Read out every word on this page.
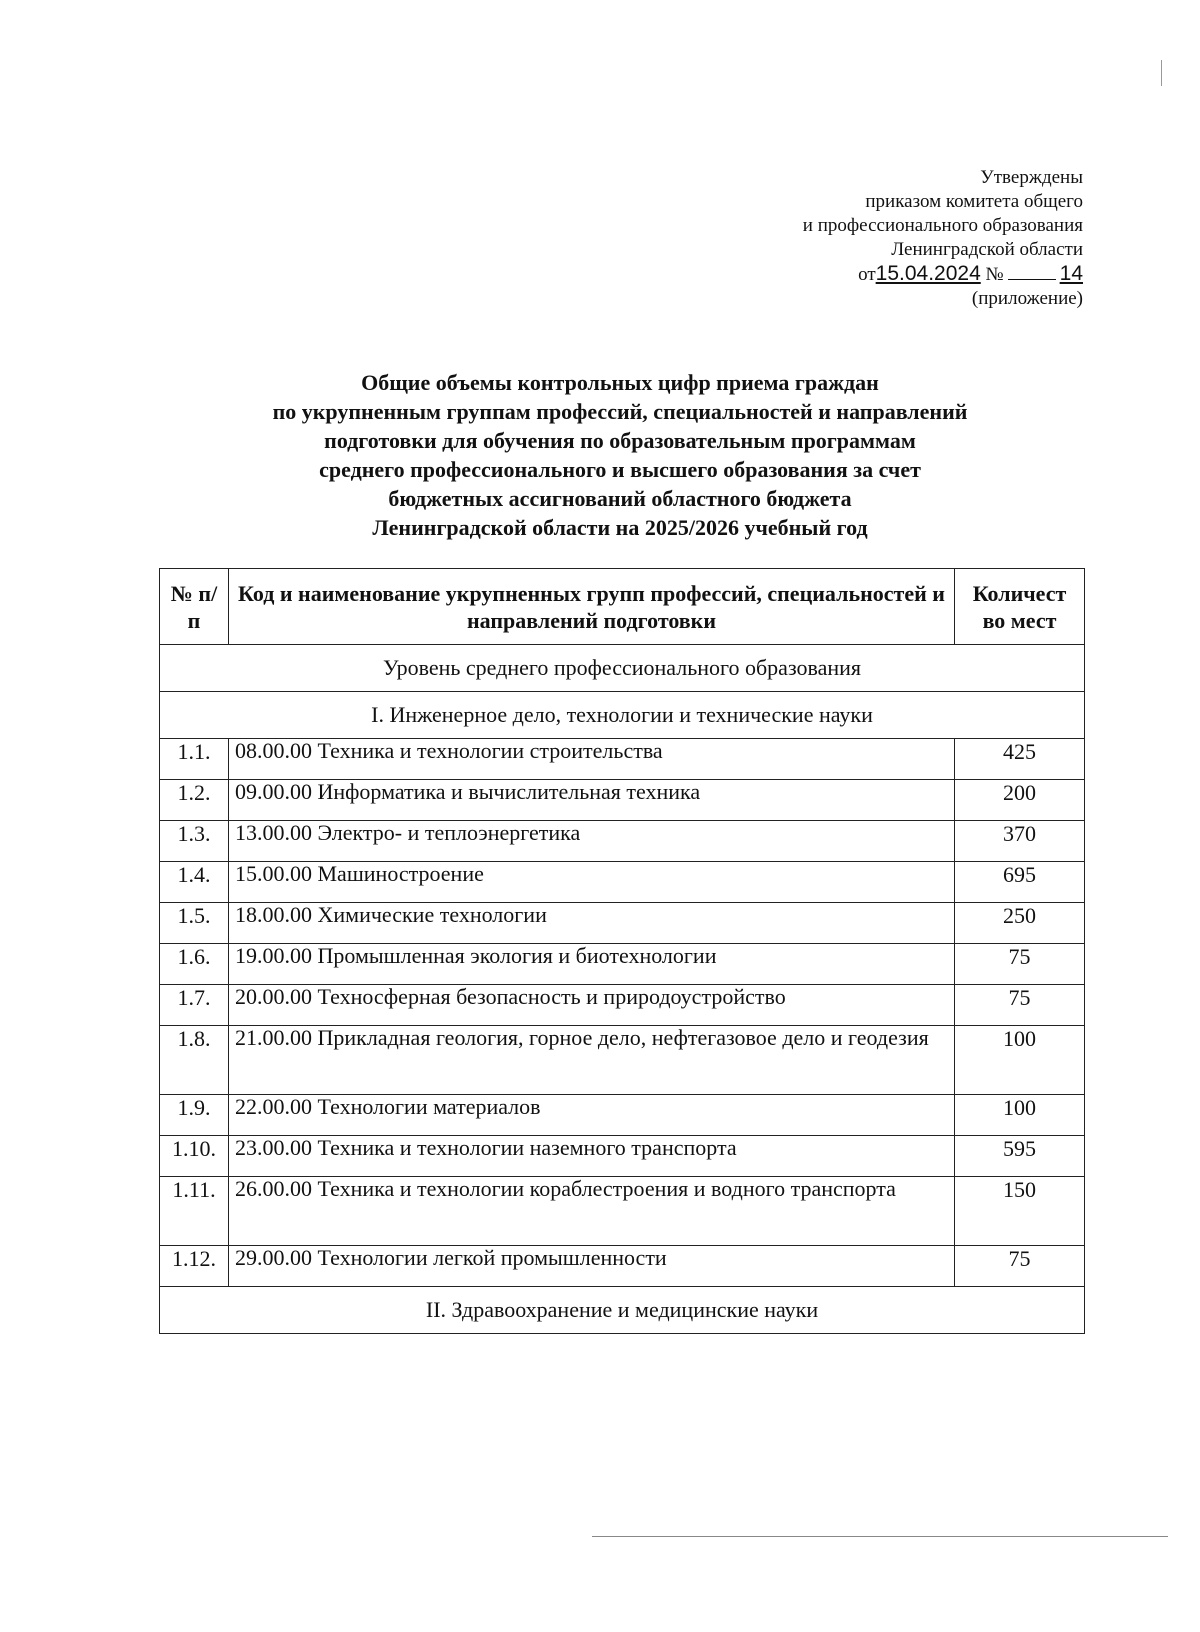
Утверждены
приказом комитета общего
и профессионального образования
Ленинградской области
от15.04.2024 №	14
(приложение)
Общие объемы контрольных цифр приема граждан
по укрупненным группам профессий, специальностей и направлений
подготовки для обучения по образовательным программам
среднего профессионального и высшего образования за счет
бюджетных ассигнований областного бюджета
Ленинградской области на 2025/2026 учебный год
№ п/п	Код и наименование укрупненных групп профессий, специальностей и направлений подготовки	Количест во мест
Уровень среднего профессионального образования		
I. Инженерное дело, технологии и технические науки		
1.1.	08.00.00 Техника и технологии строительства	425
1.2.	09.00.00 Информатика и вычислительная техника	200
1.3.	13.00.00 Электро- и теплоэнергетика	370
1.4.	15.00.00 Машиностроение	695
1.5.	18.00.00 Химические технологии	250
1.6.	19.00.00 Промышленная экология и биотехнологии	75
1.7.	20.00.00 Техносферная безопасность и природоустройство	75
1.8.	21.00.00 Прикладная геология, горное дело, нефтегазовое дело и геодезия	100
1.9.	22.00.00 Технологии материалов	100
1.10.	23.00.00 Техника и технологии наземного транспорта	595
1.11.	26.00.00 Техника и технологии кораблестроения и водного транспорта	150
1.12.	29.00.00 Технологии легкой промышленности	75
II. Здравоохранение и медицинские науки		
